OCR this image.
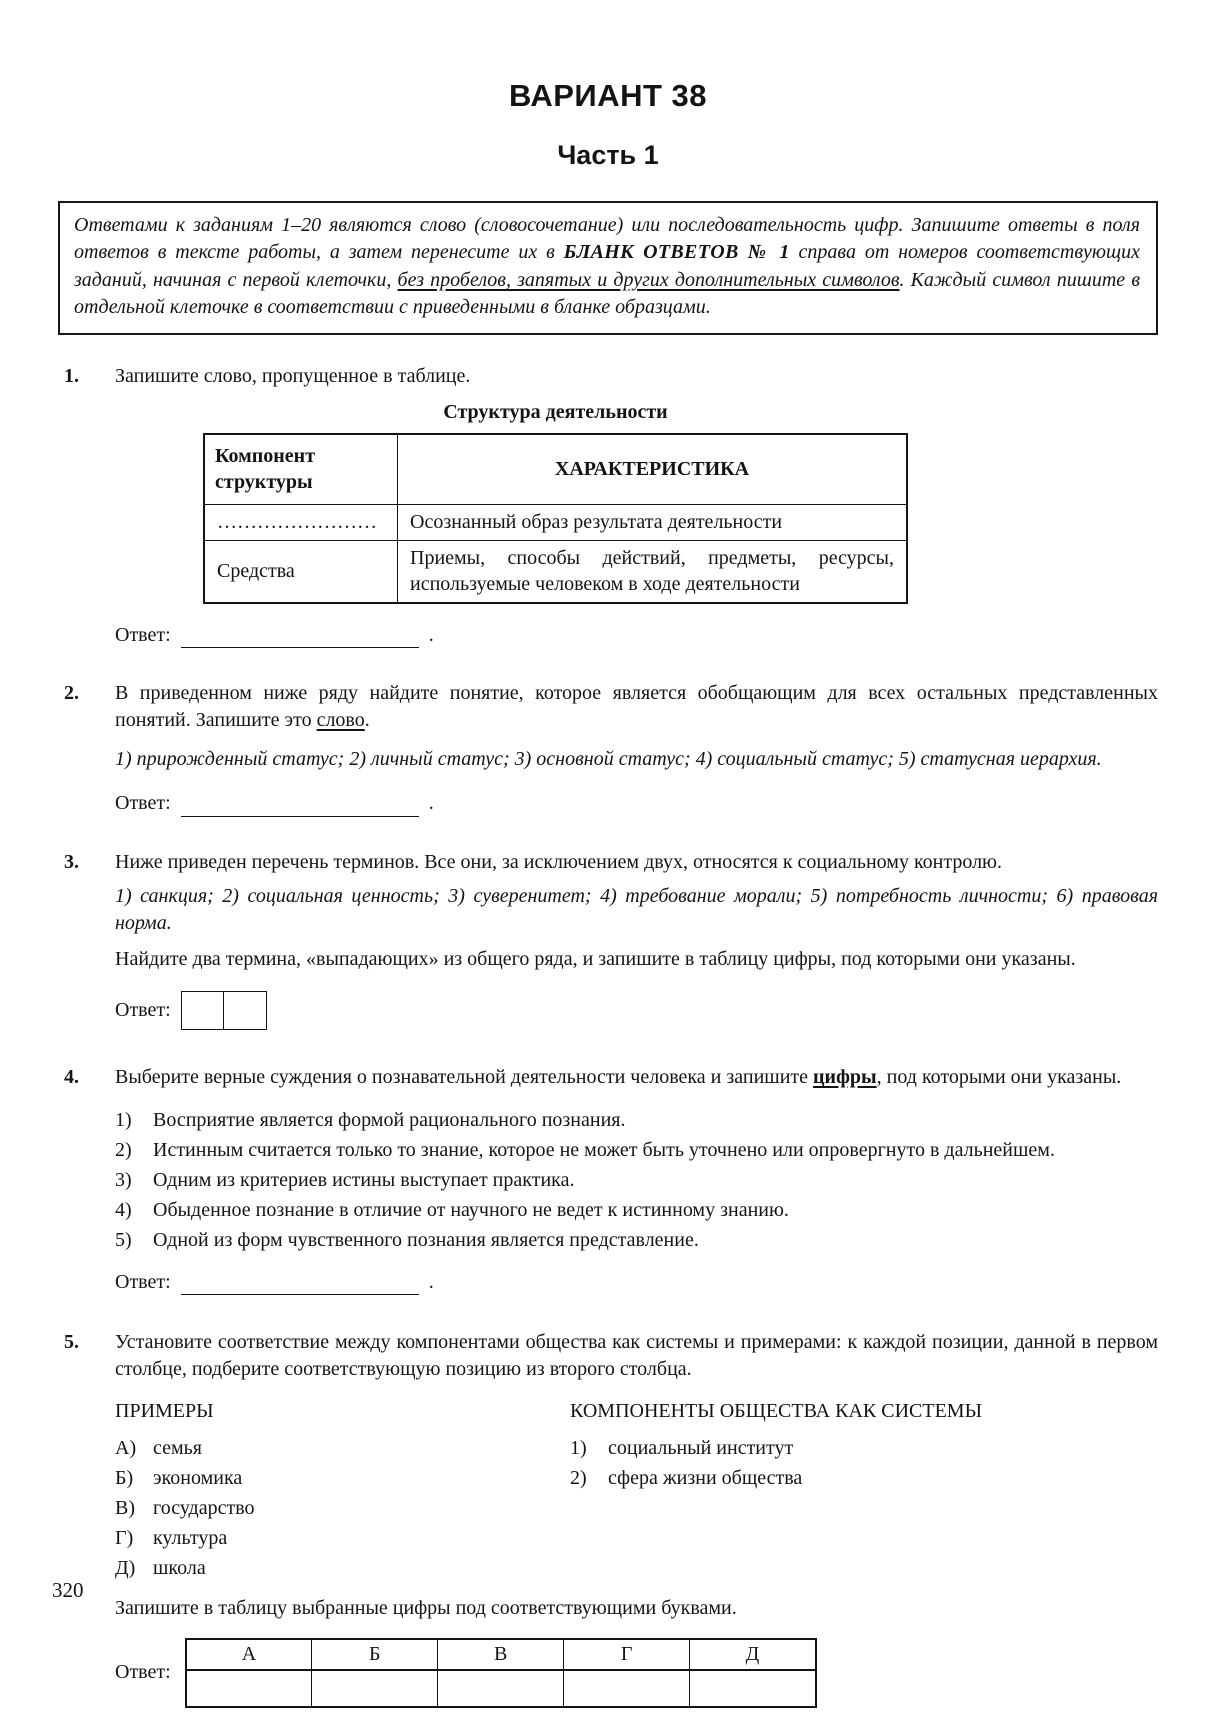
ВАРИАНТ 38
Часть 1
Ответами к заданиям 1–20 являются слово (словосочетание) или последовательность цифр. Запишите ответы в поля ответов в тексте работы, а затем перенесите их в БЛАНК ОТВЕТОВ № 1 справа от номеров соответствующих заданий, начиная с первой клеточки, без пробелов, запятых и других дополнительных символов. Каждый символ пишите в отдельной клеточке в соответствии с приведенными в бланке образцами.
1.	Запишите слово, пропущенное в таблице.

Структура деятельности

Компонент структуры	ХАРАКТЕРИСТИКА
……………………	Осознанный образ результата деятельности
Средства	Приемы, способы действий, предметы, ресурсы, используемые человеком в ходе деятельности
Ответ:	.
2.	В приведенном ниже ряду найдите понятие, которое является обобщающим для всех остальных представленных понятий. Запишите это слово.

1) прирожденный статус; 2) личный статус; 3) основной статус; 4) социальный статус; 5) статусная иерархия.

Ответ:	.
3.	Ниже приведен перечень терминов. Все они, за исключением двух, относятся к социальному контролю.

1) санкция; 2) социальная ценность; 3) суверенитет; 4) требование морали; 5) потребность личности; 6) правовая норма.

Найдите два термина, «выпадающих» из общего ряда, и запишите в таблицу цифры, под которыми они указаны.

Ответ:
4.	Выберите верные суждения о познавательной деятельности человека и запишите цифры, под которыми они указаны.

1)	Восприятие является формой рационального познания.
2)	Истинным считается только то знание, которое не может быть уточнено или опровергнуто в дальнейшем.
3)	Одним из критериев истины выступает практика.
4)	Обыденное познание в отличие от научного не ведет к истинному знанию.
5)	Одной из форм чувственного познания является представление.
Ответ:	.
5.	Установите соответствие между компонентами общества как системы и примерами: к каждой позиции, данной в первом столбце, подберите соответствующую позицию из второго столбца.

ПРИМЕРЫ

А) семья
Б) экономика
В) государство
Г) культура
Д) школа

КОМПОНЕНТЫ ОБЩЕСТВА КАК СИСТЕМЫ

1)	социальный институт
2)	сфера жизни общества

Запишите в таблицу выбранные цифры под соответствующими буквами.

Ответ:
А	Б	В	Г	Д

320
